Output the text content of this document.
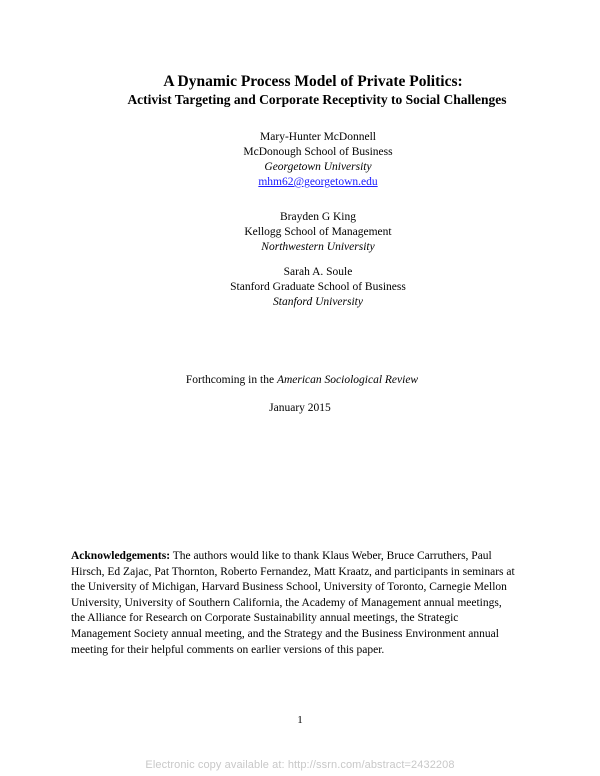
A Dynamic Process Model of Private Politics:
Activist Targeting and Corporate Receptivity to Social Challenges
Mary-Hunter McDonnell
McDonough School of Business
Georgetown University
mhm62@georgetown.edu
Brayden G King
Kellogg School of Management
Northwestern University
Sarah A. Soule
Stanford Graduate School of Business
Stanford University
Forthcoming in the American Sociological Review
January 2015
Acknowledgements: The authors would like to thank Klaus Weber, Bruce Carruthers, Paul
Hirsch, Ed Zajac, Pat Thornton, Roberto Fernandez, Matt Kraatz, and participants in seminars at
the University of Michigan, Harvard Business School, University of Toronto, Carnegie Mellon
University, University of Southern California, the Academy of Management annual meetings,
the Alliance for Research on Corporate Sustainability annual meetings, the Strategic
Management Society annual meeting, and the Strategy and the Business Environment annual
meeting for their helpful comments on earlier versions of this paper.
1
Electronic copy available at: http://ssrn.com/abstract=2432208
